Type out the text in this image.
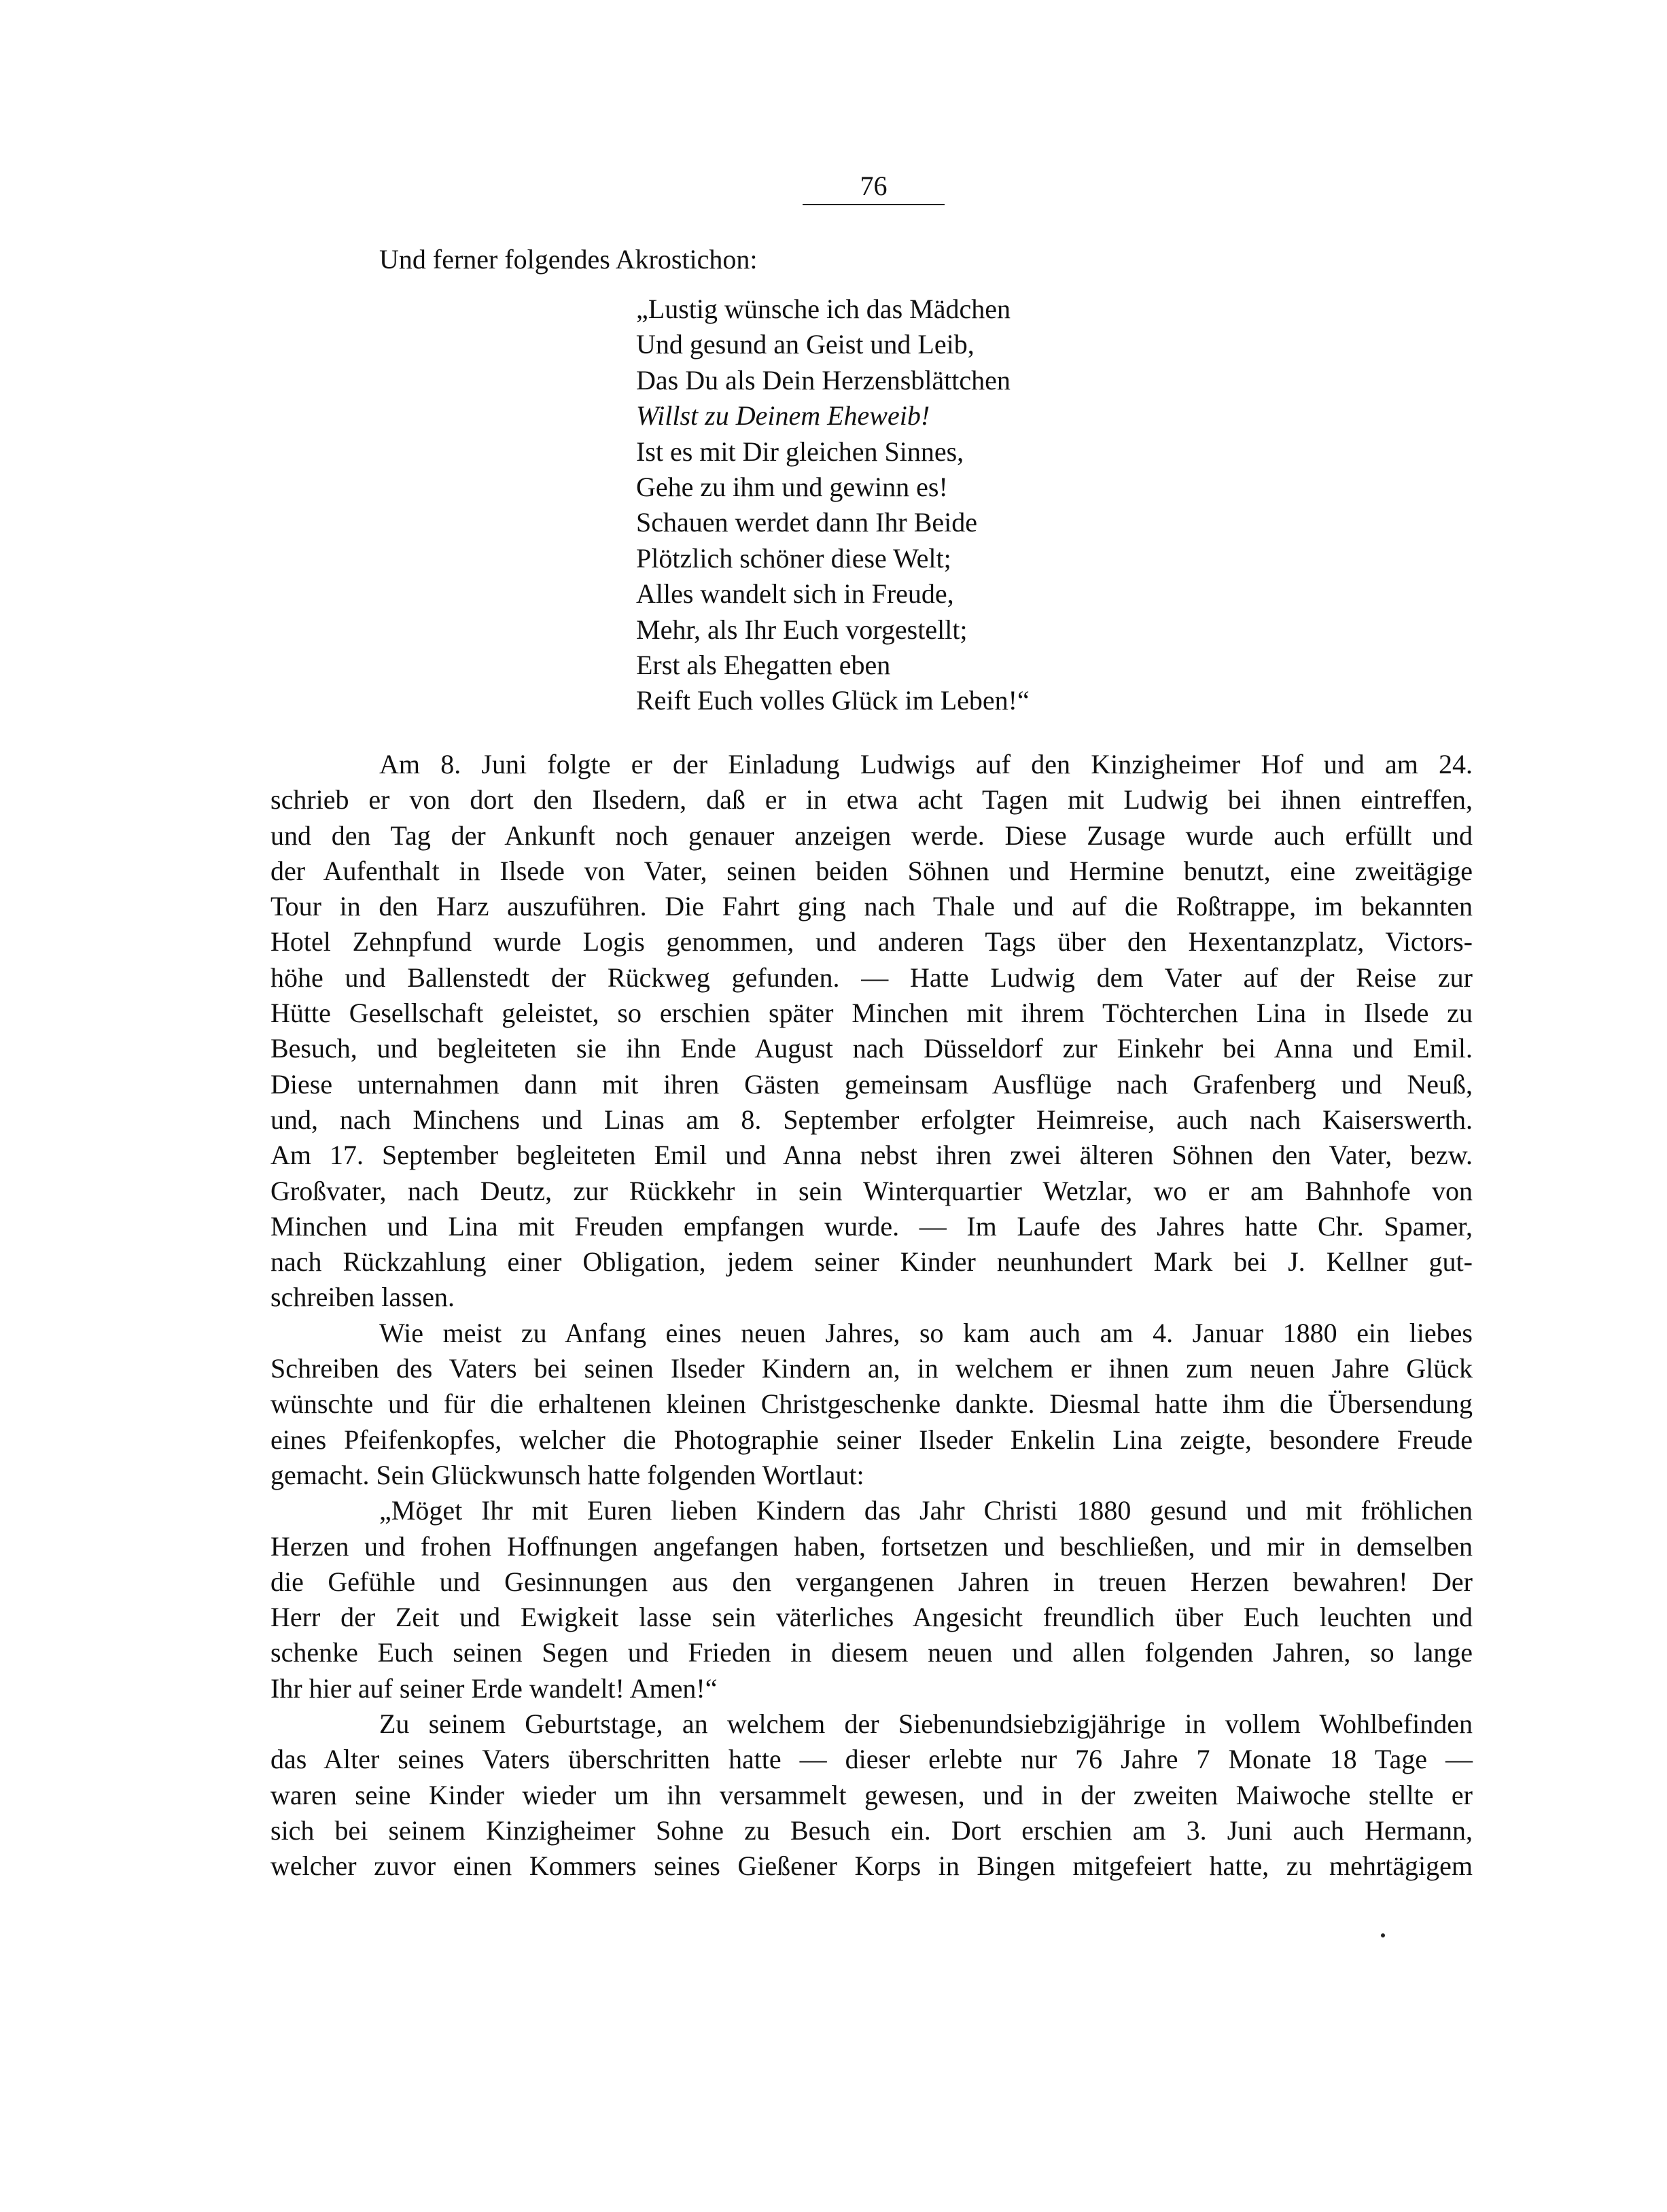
76
Und ferner folgendes Akrostichon:
„Lustig wünsche ich das Mädchen
Und gesund an Geist und Leib,
Das Du als Dein Herzensblättchen
Willst zu Deinem Eheweib!
Ist es mit Dir gleichen Sinnes,
Gehe zu ihm und gewinn es!
Schauen werdet dann Ihr Beide
Plötzlich schöner diese Welt;
Alles wandelt sich in Freude,
Mehr, als Ihr Euch vorgestellt;
Erst als Ehegatten eben
Reift Euch volles Glück im Leben!“
Am 8. Juni folgte er der Einladung Ludwigs auf den Kinzigheimer Hof und am 24.
schrieb er von dort den Ilsedern, daß er in etwa acht Tagen mit Ludwig bei ihnen eintreffen,
und den Tag der Ankunft noch genauer anzeigen werde. Diese Zusage wurde auch erfüllt und
der Aufenthalt in Ilsede von Vater, seinen beiden Söhnen und Hermine benutzt, eine zweitägige
Tour in den Harz auszuführen. Die Fahrt ging nach Thale und auf die Roßtrappe, im bekannten
Hotel Zehnpfund wurde Logis genommen, und anderen Tags über den Hexentanzplatz, Victors-
höhe und Ballenstedt der Rückweg gefunden. — Hatte Ludwig dem Vater auf der Reise zur
Hütte Gesellschaft geleistet, so erschien später Minchen mit ihrem Töchterchen Lina in Ilsede zu
Besuch, und begleiteten sie ihn Ende August nach Düsseldorf zur Einkehr bei Anna und Emil.
Diese unternahmen dann mit ihren Gästen gemeinsam Ausflüge nach Grafenberg und Neuß,
und, nach Minchens und Linas am 8. September erfolgter Heimreise, auch nach Kaiserswerth.
Am 17. September begleiteten Emil und Anna nebst ihren zwei älteren Söhnen den Vater, bezw.
Großvater, nach Deutz, zur Rückkehr in sein Winterquartier Wetzlar, wo er am Bahnhofe von
Minchen und Lina mit Freuden empfangen wurde. — Im Laufe des Jahres hatte Chr. Spamer,
nach Rückzahlung einer Obligation, jedem seiner Kinder neunhundert Mark bei J. Kellner gut-
schreiben lassen.
Wie meist zu Anfang eines neuen Jahres, so kam auch am 4. Januar 1880 ein liebes
Schreiben des Vaters bei seinen Ilseder Kindern an, in welchem er ihnen zum neuen Jahre Glück
wünschte und für die erhaltenen kleinen Christgeschenke dankte. Diesmal hatte ihm die Übersendung
eines Pfeifenkopfes, welcher die Photographie seiner Ilseder Enkelin Lina zeigte, besondere Freude
gemacht. Sein Glückwunsch hatte folgenden Wortlaut:
„Möget Ihr mit Euren lieben Kindern das Jahr Christi 1880 gesund und mit fröhlichen
Herzen und frohen Hoffnungen angefangen haben, fortsetzen und beschließen, und mir in demselben
die Gefühle und Gesinnungen aus den vergangenen Jahren in treuen Herzen bewahren! Der
Herr der Zeit und Ewigkeit lasse sein väterliches Angesicht freundlich über Euch leuchten und
schenke Euch seinen Segen und Frieden in diesem neuen und allen folgenden Jahren, so lange
Ihr hier auf seiner Erde wandelt! Amen!“
Zu seinem Geburtstage, an welchem der Siebenundsiebzigjährige in vollem Wohlbefinden
das Alter seines Vaters überschritten hatte — dieser erlebte nur 76 Jahre 7 Monate 18 Tage —
waren seine Kinder wieder um ihn versammelt gewesen, und in der zweiten Maiwoche stellte er
sich bei seinem Kinzigheimer Sohne zu Besuch ein. Dort erschien am 3. Juni auch Hermann,
welcher zuvor einen Kommers seines Gießener Korps in Bingen mitgefeiert hatte, zu mehrtägigem
